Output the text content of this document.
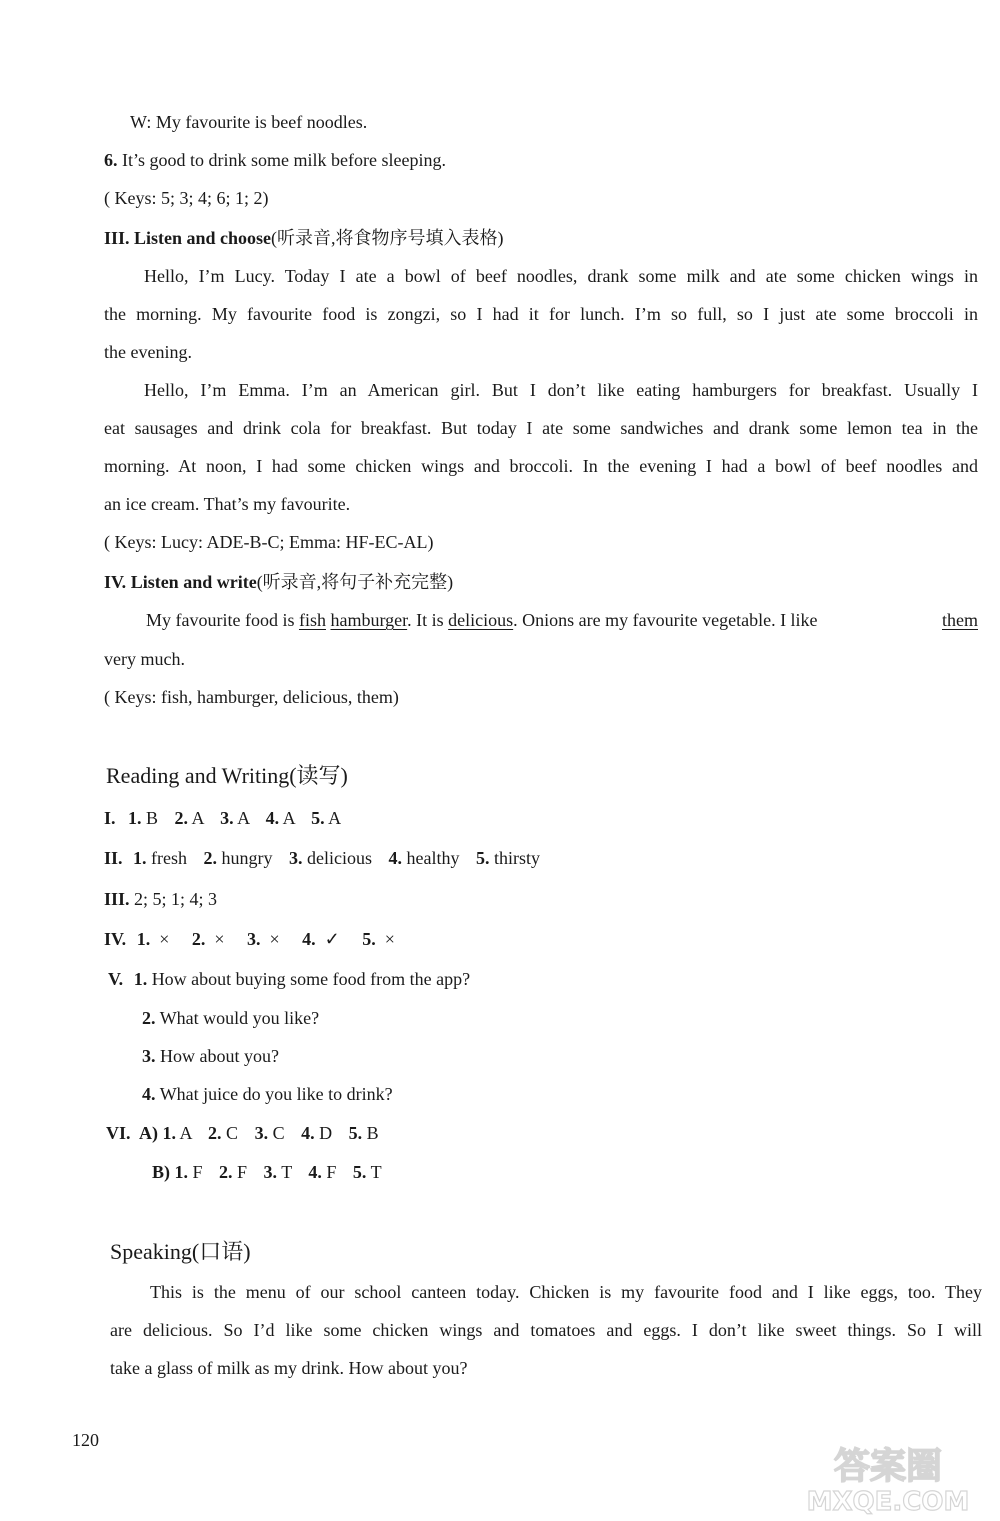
W: My favourite is beef noodles.
6. It’s good to drink some milk before sleeping.
( Keys: 5; 3; 4; 6; 1; 2)
III. Listen and choose(听录音,将食物序号填入表格)
Hello, I’m Lucy. Today I ate a bowl of beef noodles, drank some milk and ate some chicken wings in
the morning. My favourite food is zongzi, so I had it for lunch. I’m so full, so I just ate some broccoli in
the evening.
Hello, I’m Emma. I’m an American girl. But I don’t like eating hamburgers for breakfast. Usually I
eat sausages and drink cola for breakfast. But today I ate some sandwiches and drank some lemon tea in the
morning. At noon, I had some chicken wings and broccoli. In the evening I had a bowl of beef noodles and
an ice cream. That’s my favourite.
( Keys: Lucy: ADE-B-C; Emma: HF-EC-AL)
IV. Listen and write(听录音,将句子补充完整)
My favourite food is fish hamburger. It is delicious. Onions are my favourite vegetable. I like	them
very much.
( Keys: fish, hamburger, delicious, them)
Reading and Writing(读写)
I. 1. B 2. A 3. A 4. A 5. A
II. 1. fresh 2. hungry 3. delicious 4. healthy 5. thirsty
III. 2; 5; 1; 4; 3
IV. 1. × 2. × 3. × 4. ✓ 5. ×
V. 1. How about buying some food from the app?
2. What would you like?
3. How about you?
4. What juice do you like to drink?
VI. A) 1. A 2. C 3. C 4. D 5. B
B) 1. F 2. F 3. T 4. F 5. T
Speaking(口语)
This is the menu of our school canteen today. Chicken is my favourite food and I like eggs, too. They
are delicious. So I’d like some chicken wings and tomatoes and eggs. I don’t like sweet things. So I will
take a glass of milk as my drink. How about you?
120
答案圈
MXQE.COM
